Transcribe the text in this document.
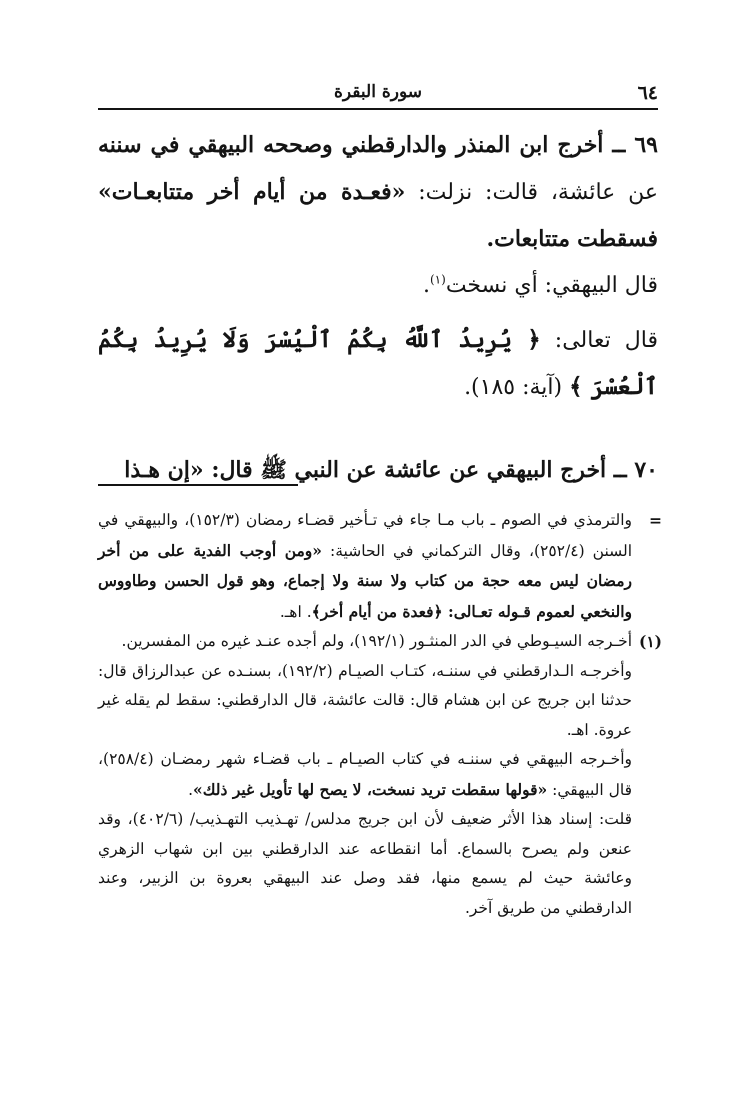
٦٤
سورة البقرة

٦٩ ــ أخرج ابن المنذر والدارقطني وصححه البيهقي في سننه عن عائشة، قالت: نزلت: «فعـدة من أيام أخر متتابعـات» فسقطت متتابعات.

قال البيهقي: أي نسخت$^{(١)}$.

قال تعالى: ﴿ يُرِيدُ ٱللَّهُ بِكُمُ ٱلْيُسْرَ وَلَا يُرِيدُ بِكُمُ ٱلْعُسْرَ ﴾ (آية: ١٨٥).

٧٠ ــ أخرج البيهقي عن عائشة عن النبي ﷺ قال: «إن هـذا

=
والترمذي في الصوم ـ باب مـا جاء في تـأخير قضـاء رمضان (١٥٢/٣)، والبيهقي في السنن (٢٥٢/٤)، وقال التركماني في الحاشية: «ومن أوجب الفدية على من أخر رمضان ليس معه حجة من كتاب ولا سنة ولا إجماع، وهو قول الحسن وطاووس والنخعي لعموم قـوله تعـالى: ﴿فعدة من أيام أخر﴾. اهـ.

(١)
أخـرجه السيـوطي في الدر المنثـور (١٩٢/١)، ولم أجده عنـد غيره من المفسرين.

وأخرجـه الـدارقطني في سننـه، كتـاب الصيـام (١٩٢/٢)، بسنـده عن عبدالرزاق قال: حدثنا ابن جريج عن ابن هشام قال: قالت عائشة، قال الدارقطني: سقط لم يقله غير عروة. اهـ.

وأخـرجه البيهقي في سننـه في كتاب الصيـام ـ باب قضـاء شهر رمضـان (٢٥٨/٤)، قال البيهقي: «قولها سقطت تريد نسخت، لا يصح لها تأويل غير ذلك».

قلت: إسناد هذا الأثر ضعيف لأن ابن جريج مدلس/ تهـذيب التهـذيب/ (٤٠٢/٦)، وقد عنعن ولم يصرح بالسماع. أما انقطاعه عند الدارقطني بين ابن شهاب الزهري وعائشة حيث لم يسمع منها، فقد وصل عند البيهقي بعروة بن الزبير، وعند الدارقطني من طريق آخر.
